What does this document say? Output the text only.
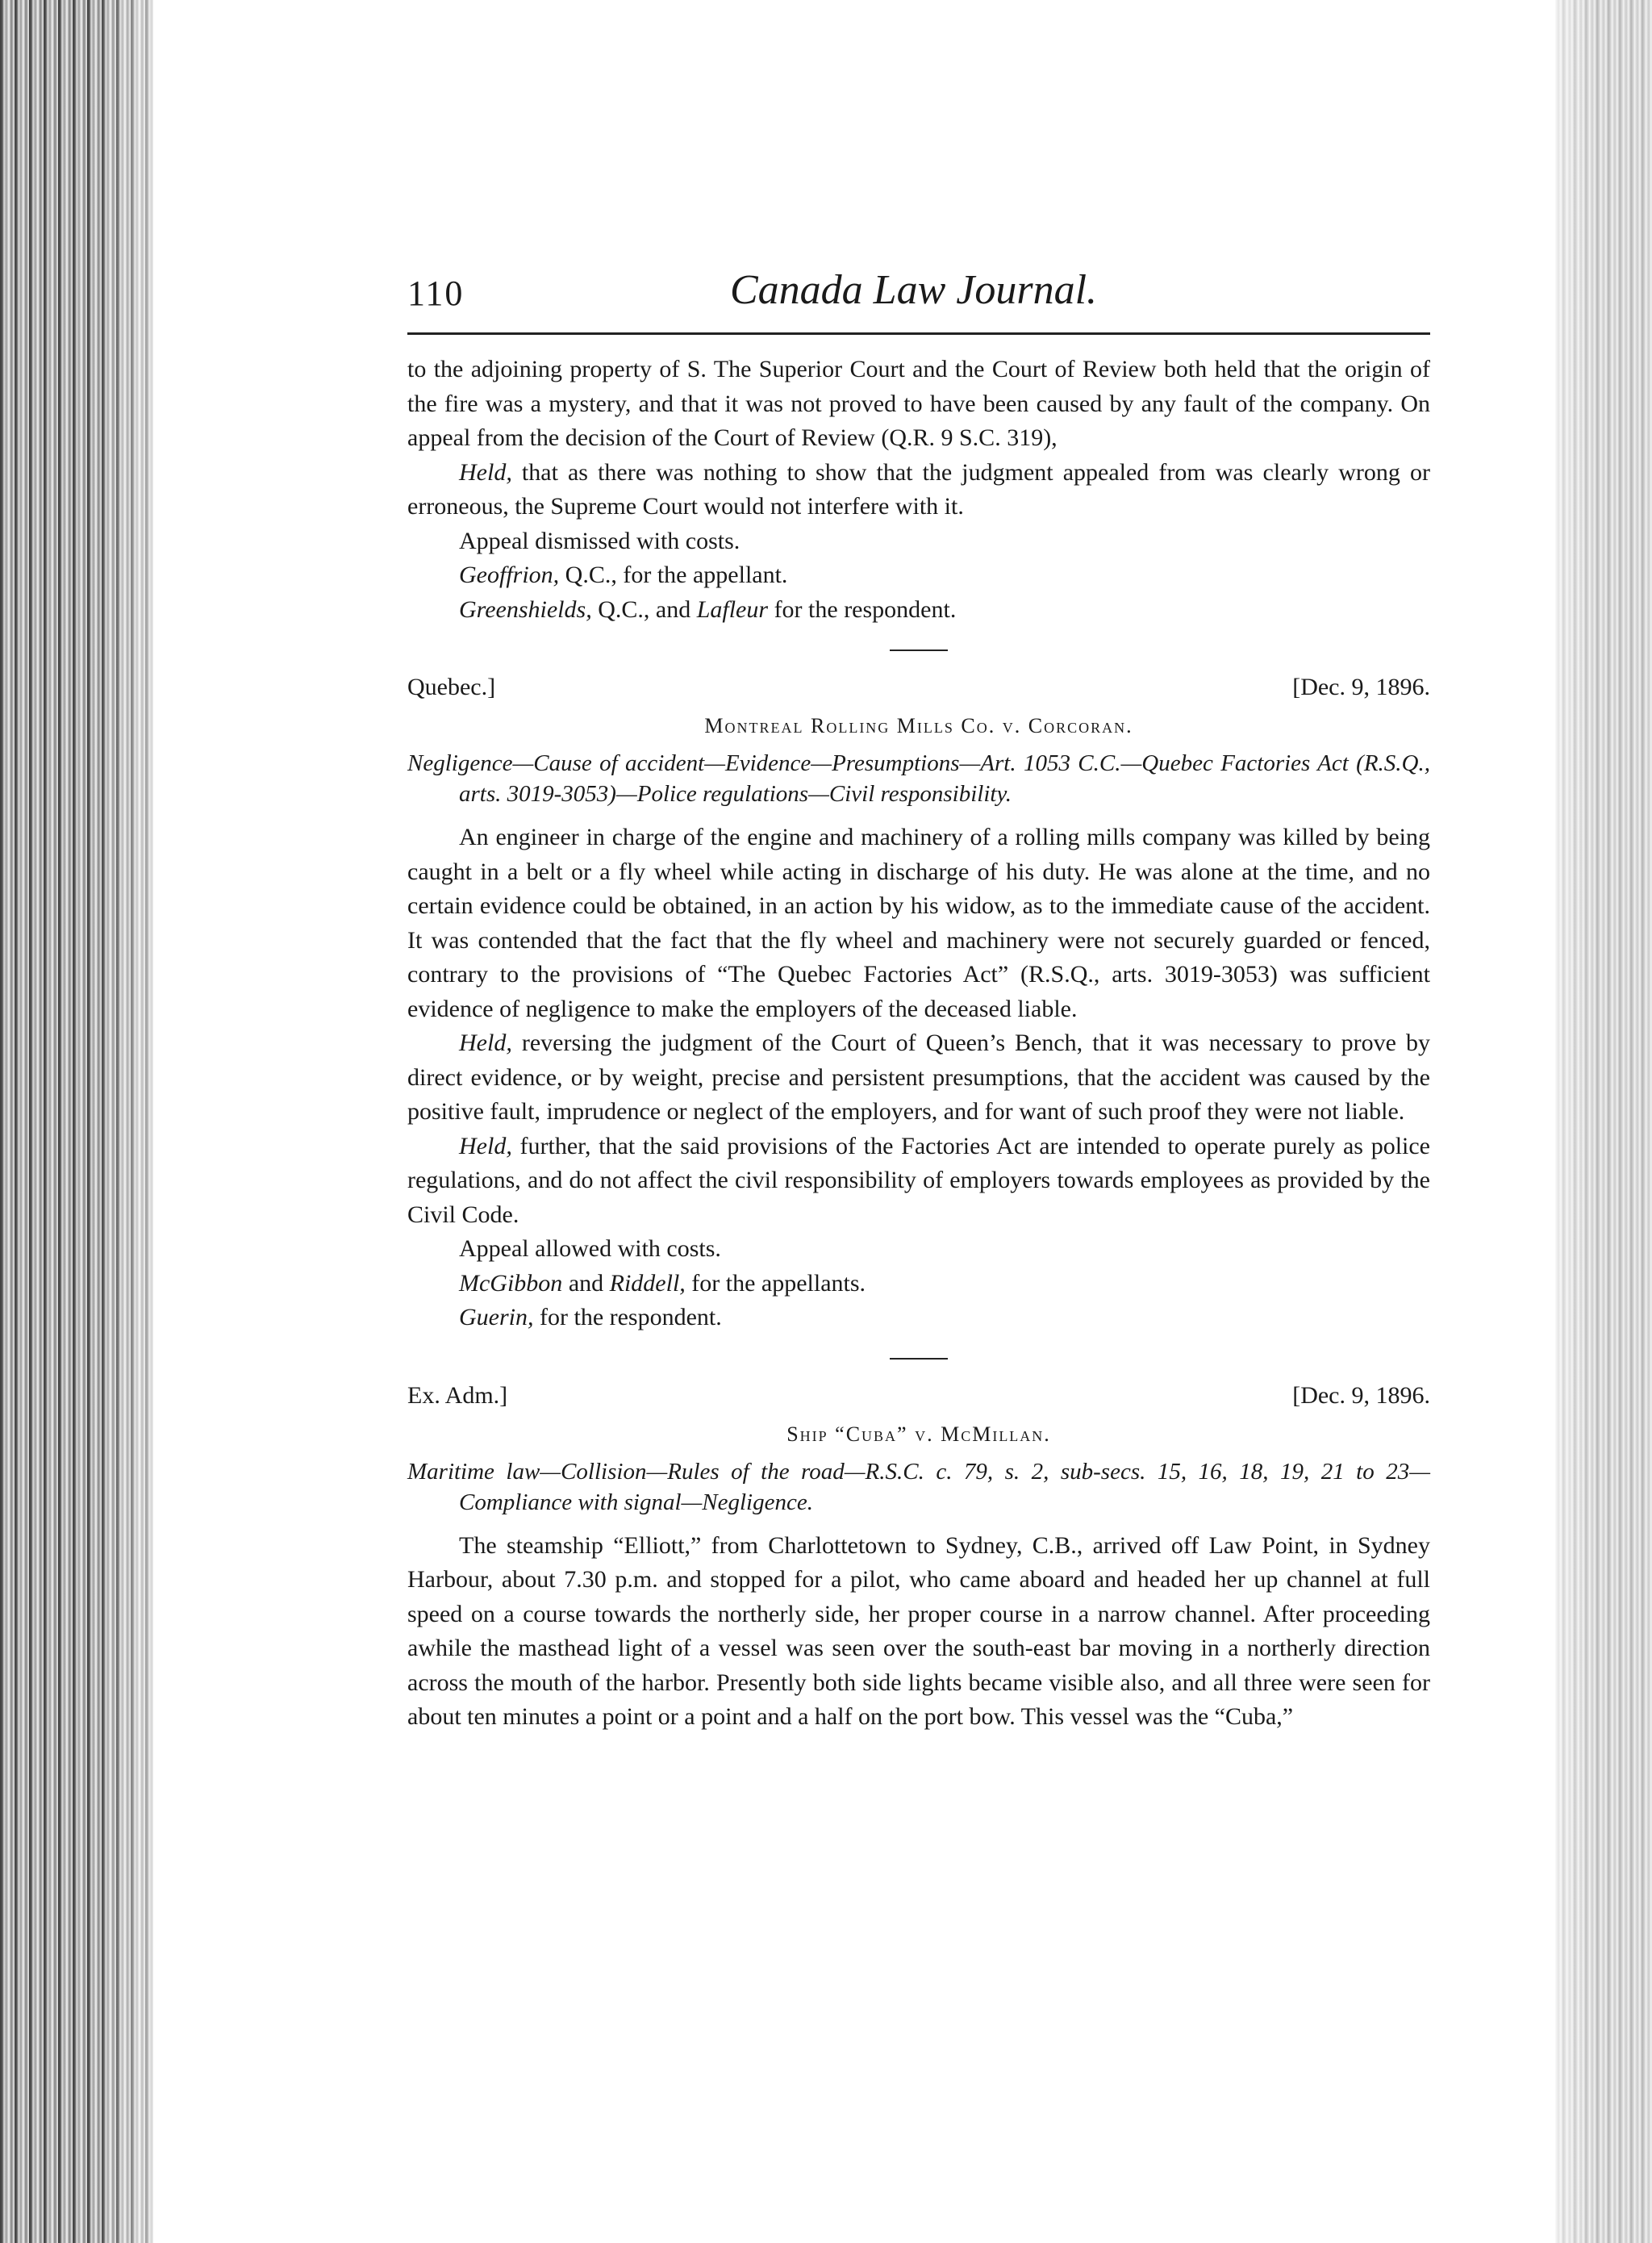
110	Canada Law Journal.

to the adjoining property of S. The Superior Court and the Court of Review both held that the origin of the fire was a mystery, and that it was not proved to have been caused by any fault of the company. On appeal from the decision of the Court of Review (Q.R. 9 S.C. 319),

Held, that as there was nothing to show that the judgment appealed from was clearly wrong or erroneous, the Supreme Court would not interfere with it.

Appeal dismissed with costs.

Geoffrion, Q.C., for the appellant.

Greenshields, Q.C., and Lafleur for the respondent.

Quebec.]	[Dec. 9, 1896.
Montreal Rolling Mills Co. v. Corcoran.

Negligence—Cause of accident—Evidence—Presumptions—Art. 1053 C.C.—Quebec Factories Act (R.S.Q., arts. 3019-3053)—Police regulations—Civil responsibility.

An engineer in charge of the engine and machinery of a rolling mills company was killed by being caught in a belt or a fly wheel while acting in discharge of his duty. He was alone at the time, and no certain evidence could be obtained, in an action by his widow, as to the immediate cause of the accident. It was contended that the fact that the fly wheel and machinery were not securely guarded or fenced, contrary to the provisions of “The Quebec Factories Act” (R.S.Q., arts. 3019-3053) was sufficient evidence of negligence to make the employers of the deceased liable.

Held, reversing the judgment of the Court of Queen’s Bench, that it was necessary to prove by direct evidence, or by weight, precise and persistent presumptions, that the accident was caused by the positive fault, imprudence or neglect of the employers, and for want of such proof they were not liable.

Held, further, that the said provisions of the Factories Act are intended to operate purely as police regulations, and do not affect the civil responsibility of employers towards employees as provided by the Civil Code.

Appeal allowed with costs.

McGibbon and Riddell, for the appellants.

Guerin, for the respondent.

Ex. Adm.]	[Dec. 9, 1896.
Ship “Cuba” v. McMillan.

Maritime law—Collision—Rules of the road—R.S.C. c. 79, s. 2, sub-secs. 15, 16, 18, 19, 21 to 23—Compliance with signal—Negligence.

The steamship “Elliott,” from Charlottetown to Sydney, C.B., arrived off Law Point, in Sydney Harbour, about 7.30 p.m. and stopped for a pilot, who came aboard and headed her up channel at full speed on a course towards the northerly side, her proper course in a narrow channel. After proceeding awhile the masthead light of a vessel was seen over the south-east bar moving in a northerly direction across the mouth of the harbor. Presently both side lights became visible also, and all three were seen for about ten minutes a point or a point and a half on the port bow. This vessel was the “Cuba,”
